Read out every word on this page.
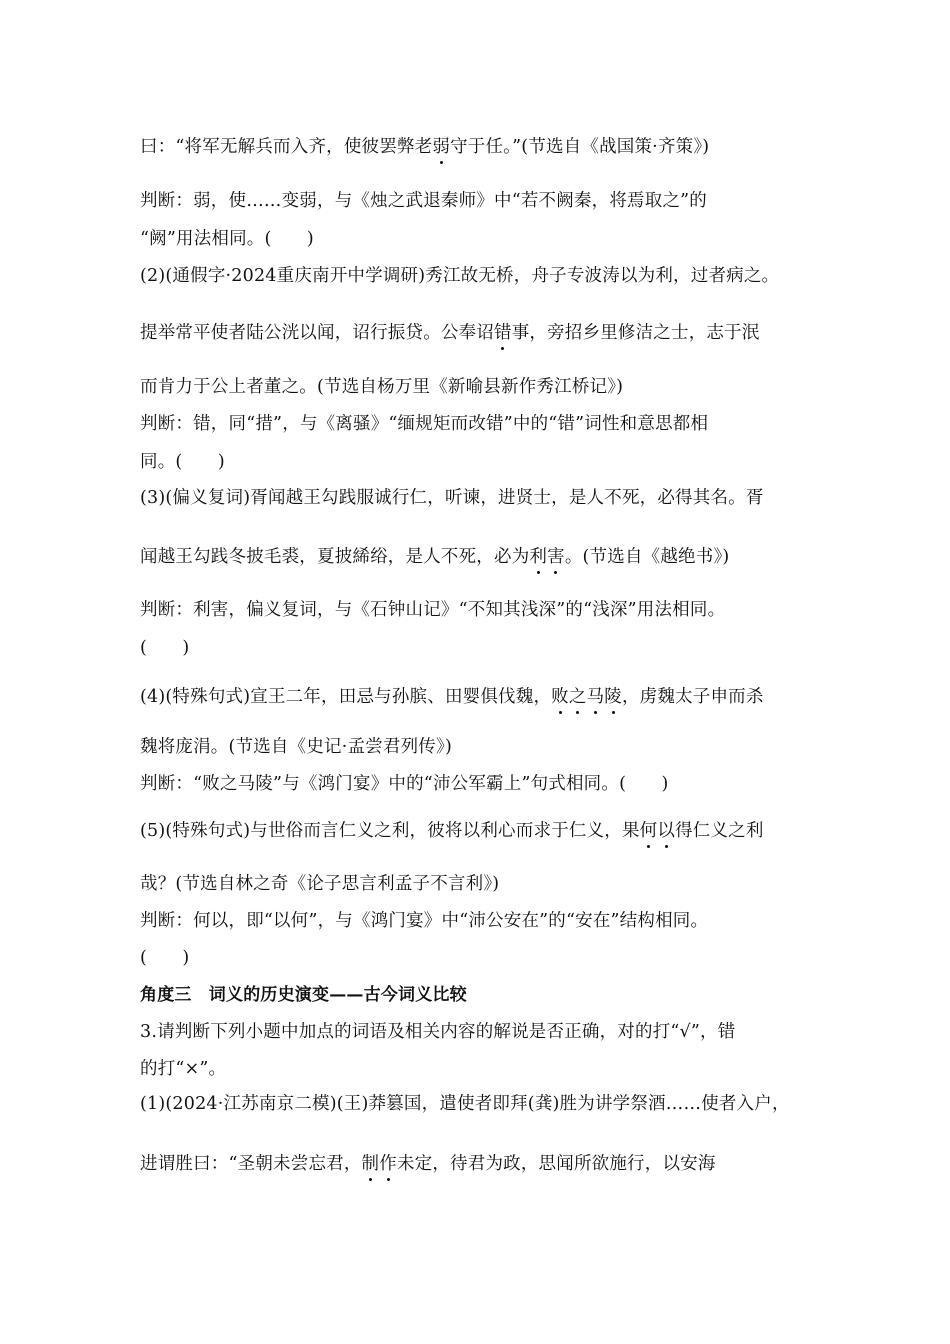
曰：“将军无解兵而入齐，使彼罢弊老弱守于任。”(节选自《战国策·齐策》)
判断：弱，使……变弱，与《烛之武退秦师》中“若不阙秦，将焉取之”的
“阙”用法相同。(　　)
(2)(通假字·2024重庆南开中学调研)秀江故无桥，舟子专波涛以为利，过者病之。
提举常平使者陆公洸以闻，诏行振贷。公奉诏错事，旁招乡里修洁之士，志于泯
而肯力于公上者董之。(节选自杨万里《新喻县新作秀江桥记》)
判断：错，同“措”，与《离骚》“缅规矩而改错”中的“错”词性和意思都相
同。(　　)
(3)(偏义复词)胥闻越王勾践服诚行仁，听谏，进贤士，是人不死，必得其名。胥
闻越王勾践冬披毛裘，夏披絺绤，是人不死，必为利害。(节选自《越绝书》)
判断：利害，偏义复词，与《石钟山记》“不知其浅深”的“浅深”用法相同。
(　　)
(4)(特殊句式)宣王二年，田忌与孙膑、田婴俱伐魏，败之马陵，虏魏太子申而杀
魏将庞涓。(节选自《史记·孟尝君列传》)
判断：“败之马陵”与《鸿门宴》中的“沛公军霸上”句式相同。(　　)
(5)(特殊句式)与世俗而言仁义之利，彼将以利心而求于仁义，果何以得仁义之利
哉？(节选自林之奇《论子思言利孟子不言利》)
判断：何以，即“以何”，与《鸿门宴》中“沛公安在”的“安在”结构相同。
(　　)
角度三　词义的历史演变——古今词义比较
3.请判断下列小题中加点的词语及相关内容的解说是否正确，对的打“√”，错
的打“×”。
(1)(2024·江苏南京二模)(王)莽篡国，遣使者即拜(龚)胜为讲学祭酒……使者入户，
进谓胜曰：“圣朝未尝忘君，制作未定，待君为政，思闻所欲施行，以安海
